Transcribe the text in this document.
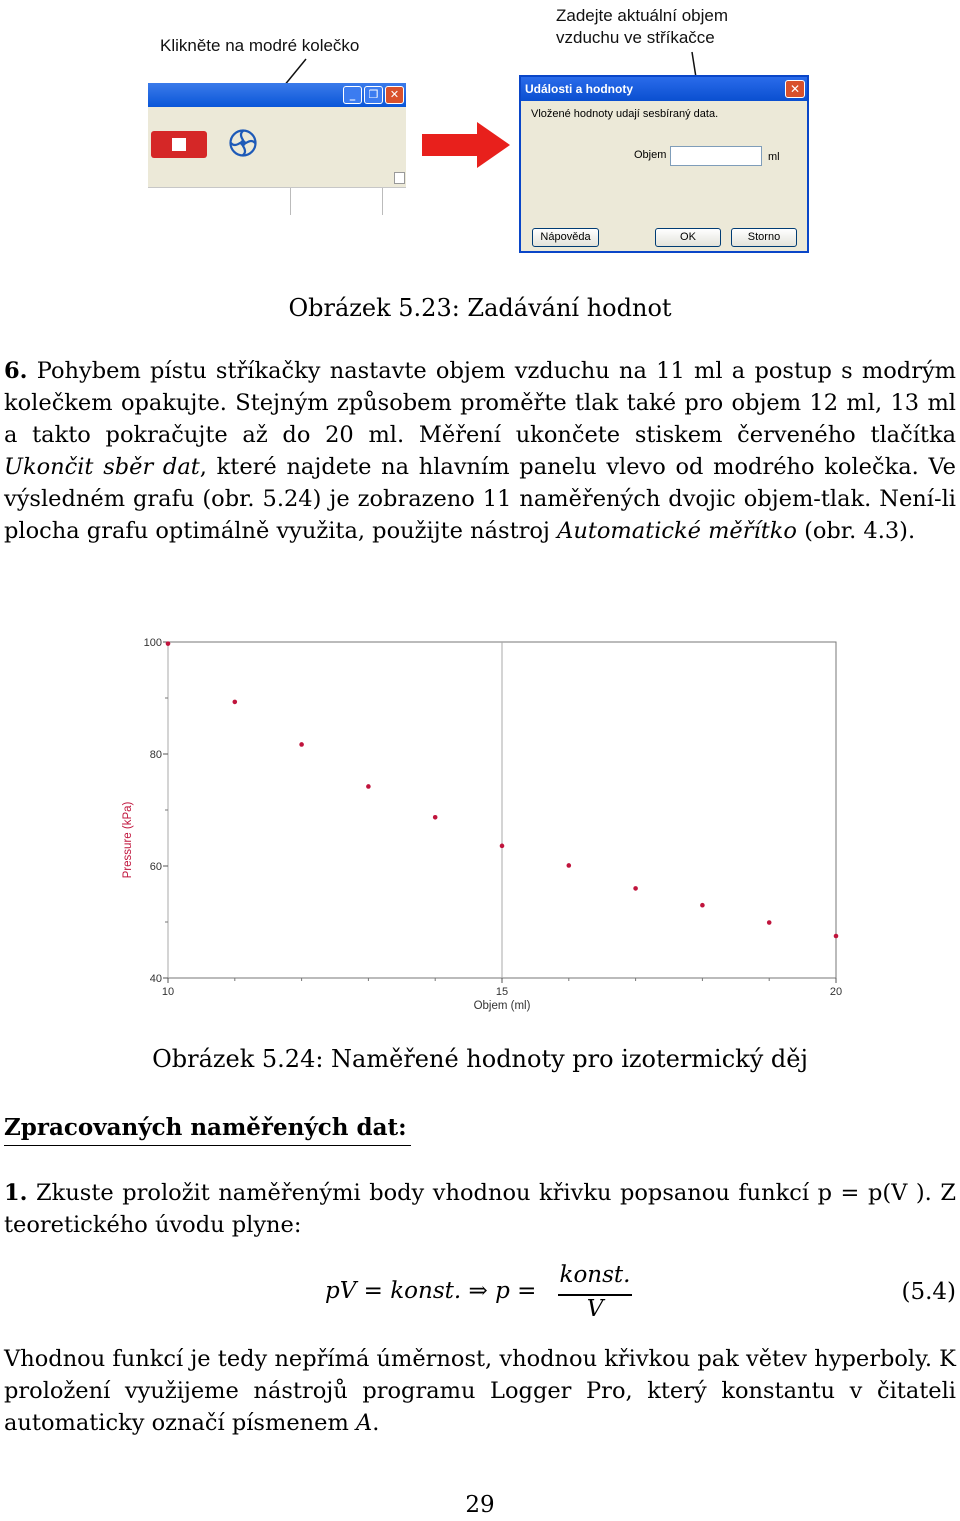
Klikněte na modré kolečko
Zadejte aktuální objem
vzduchu ve stříkačce
_	❐	✕	Události a hodnoty	✕
Vložené hodnoty udají sesbíraný data.
Objem	ml
Nápověda	OK	Storno
Obrázek 5.23: Zadávání hodnot
6. Pohybem pístu stříkačky nastavte objem vzduchu na 11 ml a postup s modrým kolečkem opakujte. Stejným způsobem proměřte tlak také pro objem 12 ml, 13 ml a takto pokračujte až do 20 ml. Měření ukončete stiskem červeného tlačítka Ukončit sběr dat, které najdete na hlavním panelu vlevo od modrého kolečka. Ve výsledném grafu (obr. 5.24) je zobrazeno 11 naměřených dvojic objem-tlak. Není-li plocha grafu optimálně využita, použijte nástroj Automatické měřítko (obr. 4.3).
40
60
80
100
10	15	20
Pressure (kPa)
Objem (ml)
Obrázek 5.24: Naměřené hodnoty pro izotermický děj
Zpracovaných naměřených dat:
1. Zkuste proložit naměřenými body vhodnou křivku popsanou funkcí p = p(V ). Z teoretického úvodu plyne:
pV = konst. ⇒ p =
konst.
V
(5.4)
Vhodnou funkcí je tedy nepřímá úměrnost, vhodnou křivkou pak větev hyperboly. K proložení využijeme nástrojů programu Logger Pro, který konstantu v čitateli automaticky označí písmenem A.
29
